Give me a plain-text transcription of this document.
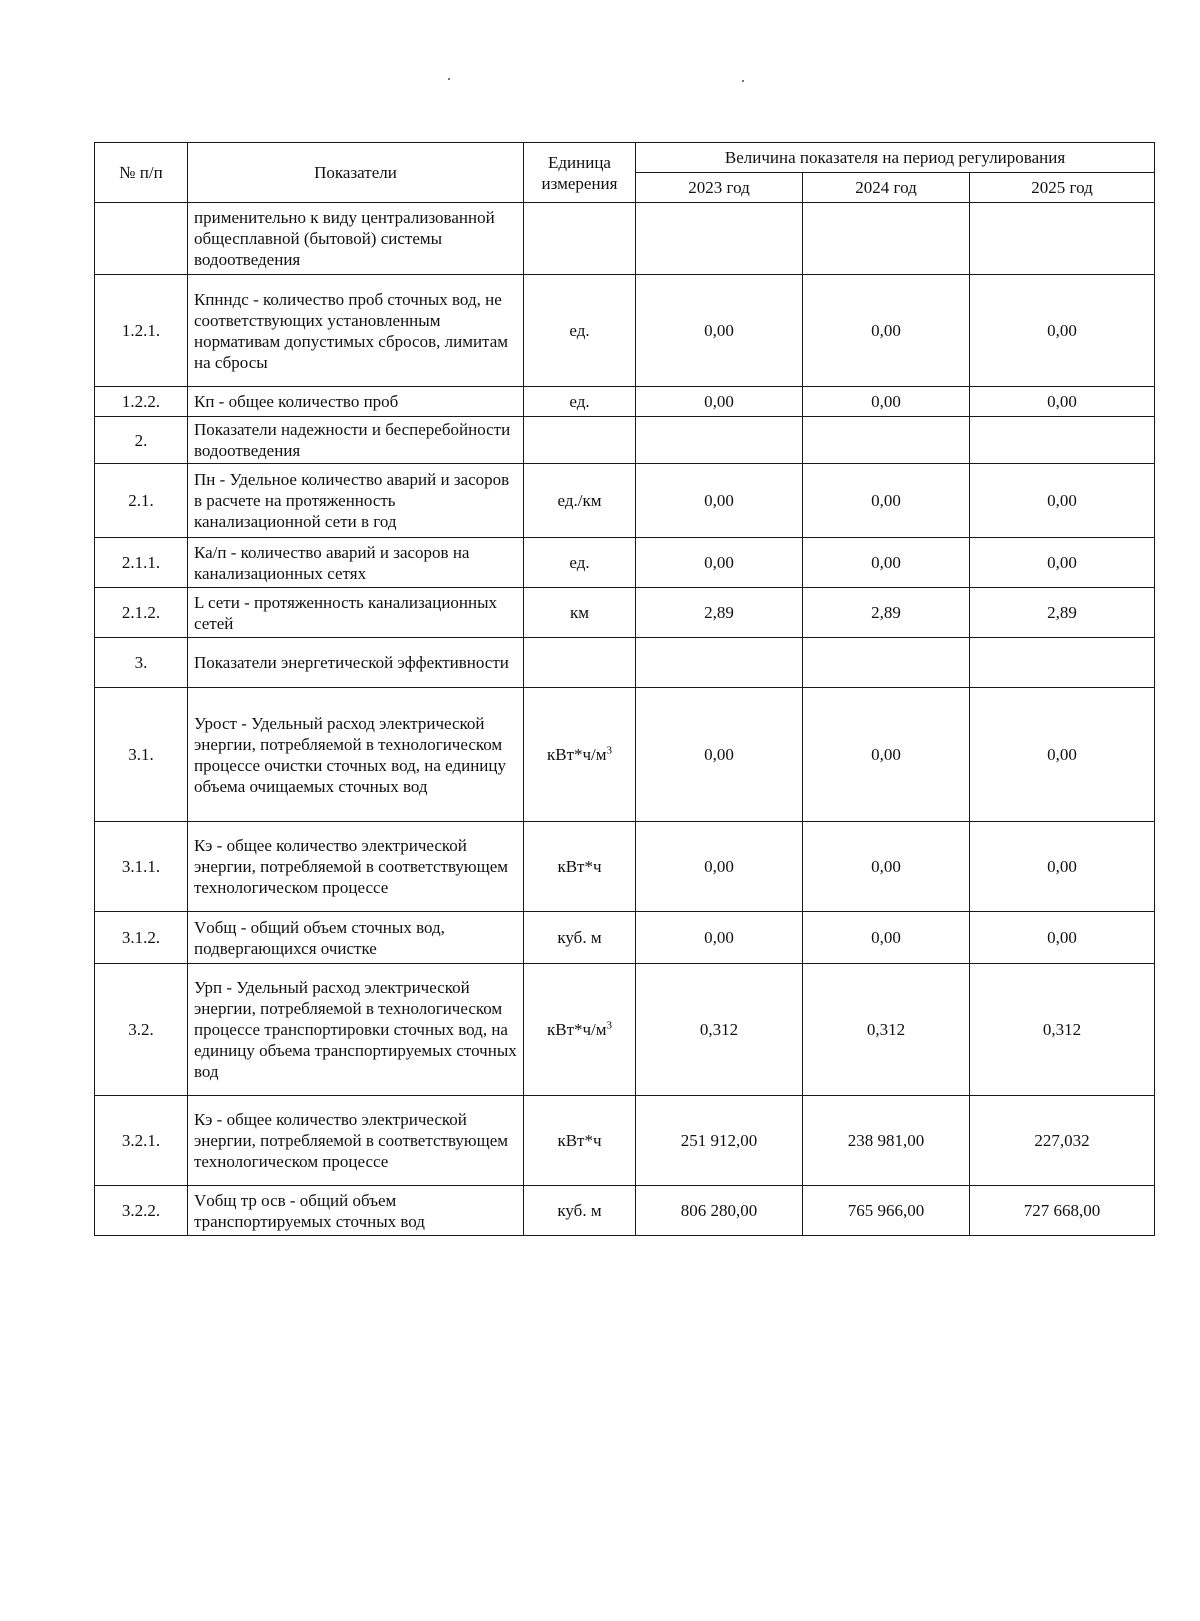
№ п/п	Показатели	Единица измерения	Величина показателя на период регулирования		
			2023 год	2024 год	2025 год
	применительно к виду централизованной общесплавной (бытовой) системы водоотведения				
1.2.1.	Кпнндс - количество проб сточных вод, не соответствующих установленным нормативам допустимых сбросов, лимитам на сбросы	ед.	0,00	0,00	0,00
1.2.2.	Кп - общее количество проб	ед.	0,00	0,00	0,00
2.	Показатели надежности и бесперебойности водоотведения				
2.1.	Пн - Удельное количество аварий и засоров в расчете на протяженность канализационной сети в год	ед./км	0,00	0,00	0,00
2.1.1.	Ка/п - количество аварий и засоров на канализационных сетях	ед.	0,00	0,00	0,00
2.1.2.	L сети - протяженность канализационных сетей	км	2,89	2,89	2,89
3.	Показатели энергетической эффективности				
3.1.	Урост - Удельный расход электрической энергии, потребляемой в технологическом процессе очистки сточных вод, на единицу объема очищаемых сточных вод	$кВт*ч/м^3$	0,00	0,00	0,00
3.1.1.	Кэ - общее количество электрической энергии, потребляемой в соответствующем технологическом процессе	кВт*ч	0,00	0,00	0,00
3.1.2.	Vобщ - общий объем сточных вод, подвергающихся очистке	куб. м	0,00	0,00	0,00
3.2.	Урп - Удельный расход электрической энергии, потребляемой в технологическом процессе транспортировки сточных вод, на единицу объема транспортируемых сточных вод	$кВт*ч/м^3$	0,312	0,312	0,312
3.2.1.	Кэ - общее количество электрической энергии, потребляемой в соответствующем технологическом процессе	кВт*ч	251 912,00	238 981,00	227,032
3.2.2.	Vобщ тр осв - общий объем транспортируемых сточных вод	куб. м	806 280,00	765 966,00	727 668,00
